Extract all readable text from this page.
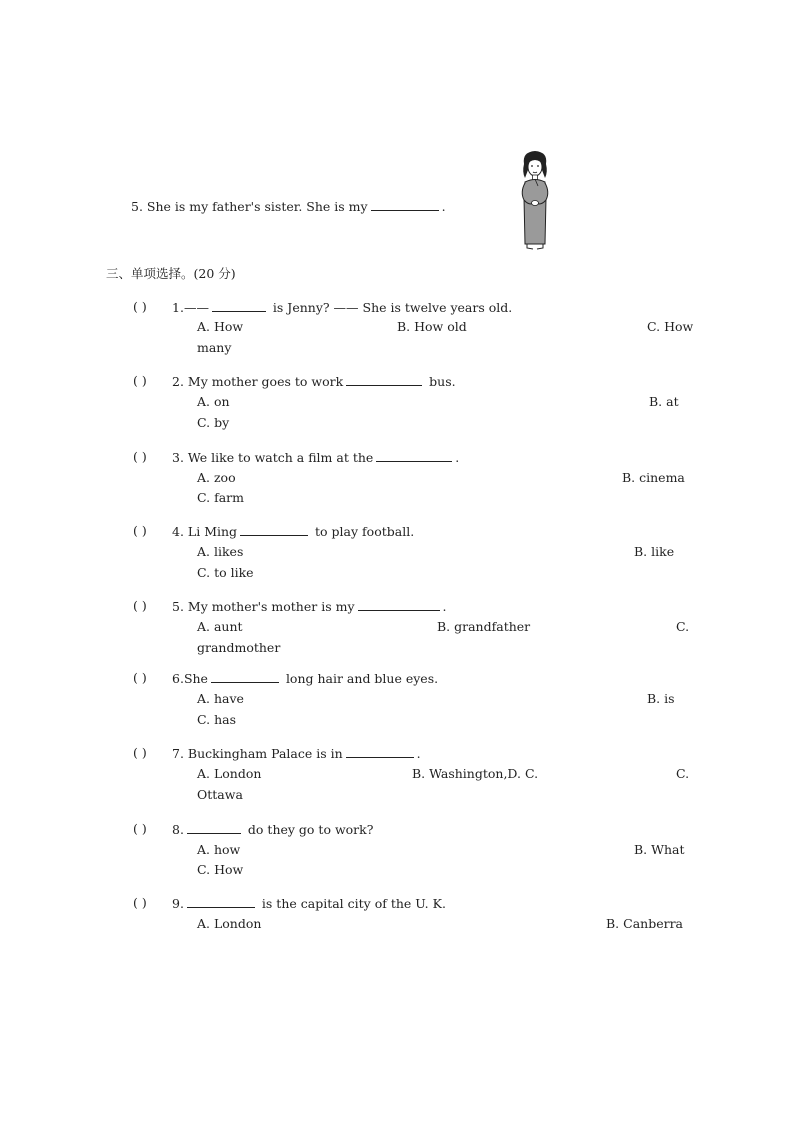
5. She is my father's sister. She is my	.
三、单项选择。(20 分)
( ) 1.——	is Jenny? —— She is twelve years old.
A. How	B. How old	C. How
many
( ) 2. My mother goes to work	bus.
A. on	B. at
C. by
( ) 3. We like to watch a film at the	.
A. zoo	B. cinema
C. farm
( ) 4. Li Ming	to play football.
A. likes	B. like
C. to like
( ) 5. My mother's mother is my	.
A. aunt	B. grandfather	C.
grandmother
( ) 6.She	long hair and blue eyes.
A. have	B. is
C. has
( ) 7. Buckingham Palace is in	.
A. London	B. Washington,D. C.	C.
Ottawa
( ) 8.	do they go to work?
A. how	B. What
C. How
( ) 9.	is the capital city of the U. K.
A. London	B. Canberra
